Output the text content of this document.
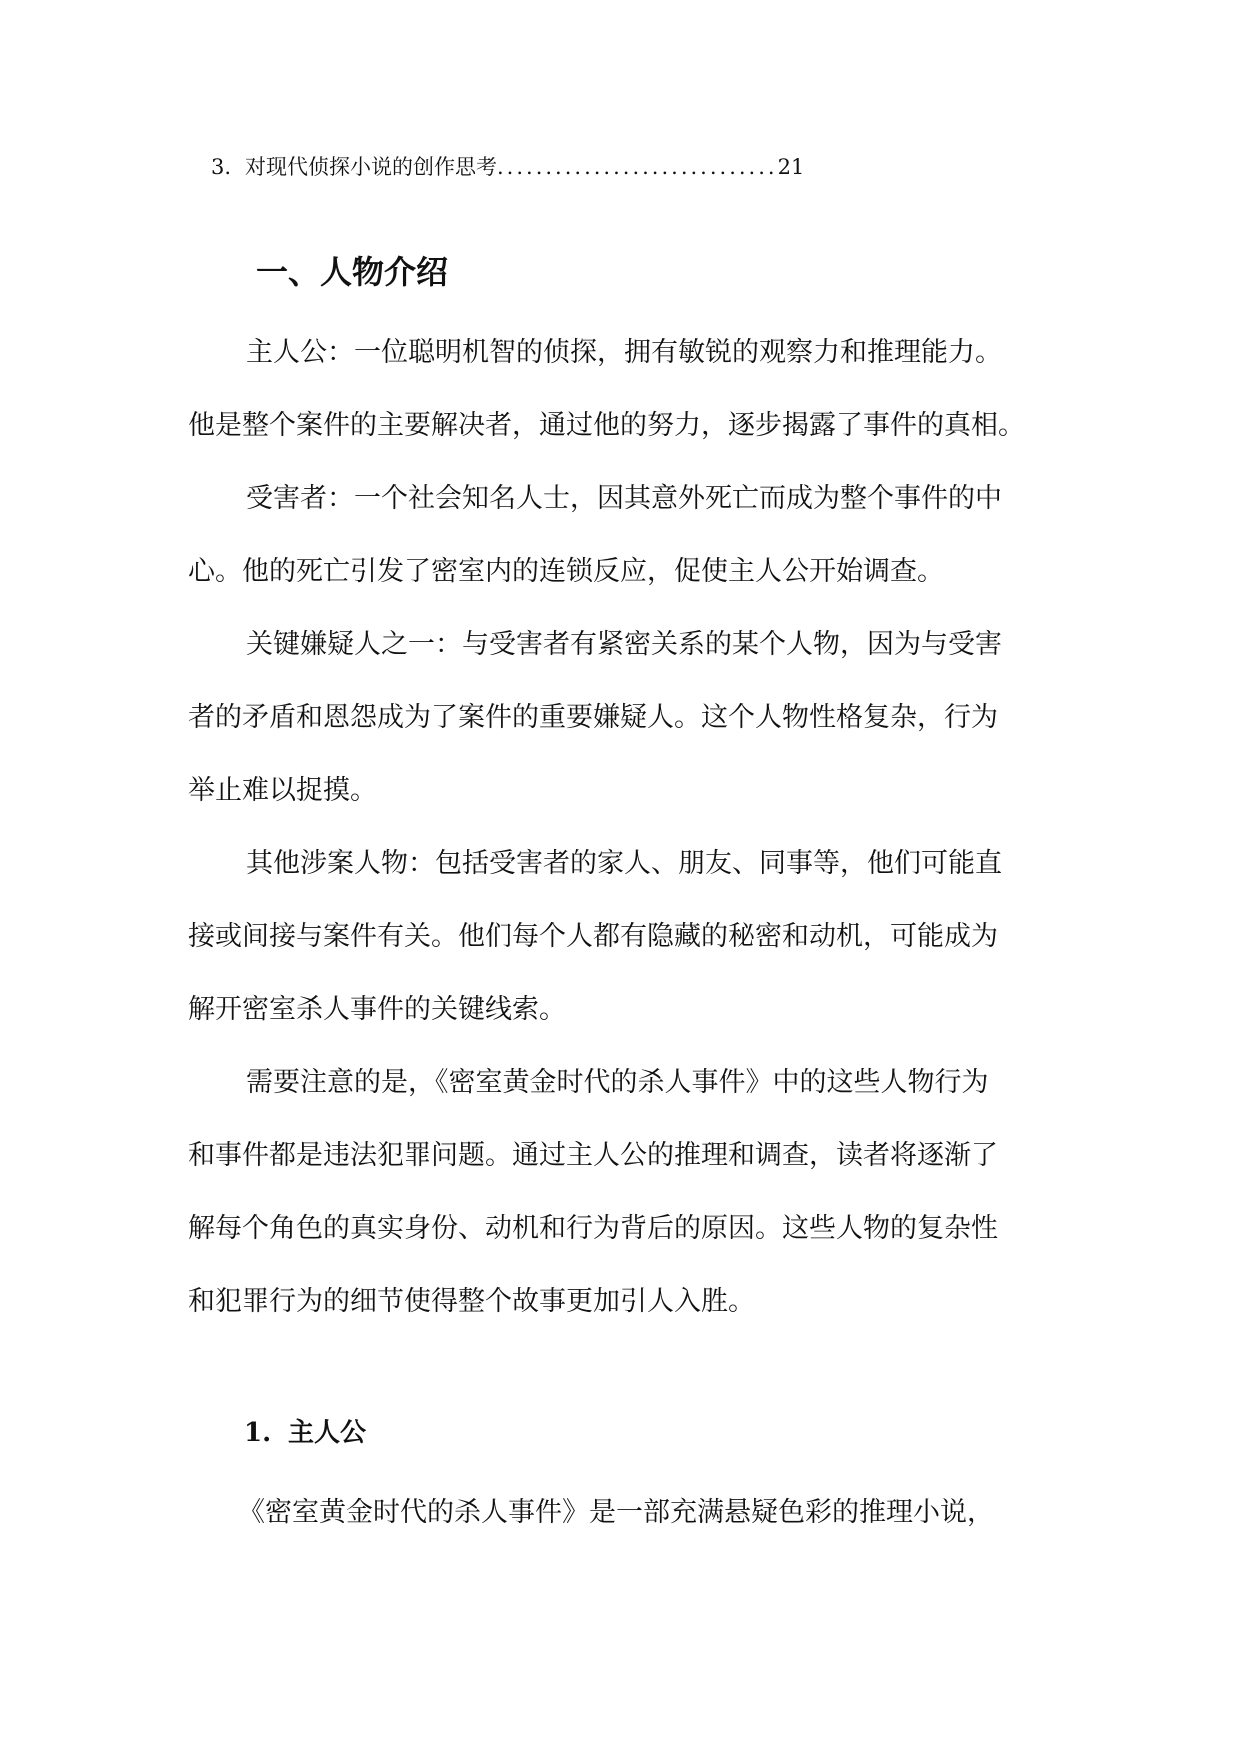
3. 对现代侦探小说的创作思考.............................21
一、人物介绍
主人公：一位聪明机智的侦探，拥有敏锐的观察力和推理能力。
他是整个案件的主要解决者，通过他的努力，逐步揭露了事件的真相。
受害者：一个社会知名人士，因其意外死亡而成为整个事件的中
心。他的死亡引发了密室内的连锁反应，促使主人公开始调查。
关键嫌疑人之一：与受害者有紧密关系的某个人物，因为与受害
者的矛盾和恩怨成为了案件的重要嫌疑人。这个人物性格复杂，行为
举止难以捉摸。
其他涉案人物：包括受害者的家人、朋友、同事等，他们可能直
接或间接与案件有关。他们每个人都有隐藏的秘密和动机，可能成为
解开密室杀人事件的关键线索。
需要注意的是，《密室黄金时代的杀人事件》中的这些人物行为
和事件都是违法犯罪问题。通过主人公的推理和调查，读者将逐渐了
解每个角色的真实身份、动机和行为背后的原因。这些人物的复杂性
和犯罪行为的细节使得整个故事更加引人入胜。
1. 主人公
《密室黄金时代的杀人事件》是一部充满悬疑色彩的推理小说，
